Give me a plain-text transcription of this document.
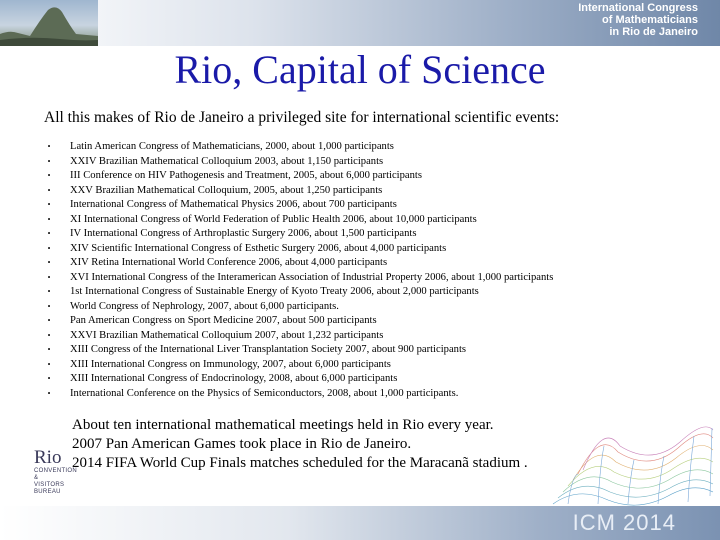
International Congress
of Mathematicians
in Rio de Janeiro
Rio, Capital of Science
All this makes of Rio de Janeiro a privileged site for international scientific events:
•	Latin American Congress of Mathematicians, 2000, about 1,000 participants
•	XXIV Brazilian Mathematical Colloquium 2003, about 1,150 participants
•	III Conference on HIV Pathogenesis and Treatment, 2005, about 6,000 participants
•	XXV Brazilian Mathematical Colloquium, 2005, about 1,250 participants
•	International Congress of Mathematical Physics 2006, about 700 participants
•	XI International Congress of World Federation of Public Health 2006, about 10,000 participants
•	IV International Congress of Arthroplastic Surgery 2006, about 1,500 participants
•	XIV Scientific International Congress of Esthetic Surgery 2006, about 4,000 participants
•	XIV Retina International World Conference 2006, about 4,000 participants
•	XVI International Congress of the Interamerican Association of Industrial Property 2006, about 1,000 participants
•	1st International Congress of Sustainable Energy of Kyoto Treaty 2006, about 2,000 participants
•	World Congress of Nephrology, 2007, about 6,000 participants.
•	Pan American Congress on Sport Medicine 2007, about 500 participants
•	XXVI Brazilian Mathematical Colloquium 2007, about 1,232 participants
•	XIII Congress of the International Liver Transplantation Society 2007, about 900 participants
•	XIII International Congress on Immunology, 2007, about 6,000 participants
•	XIII International Congress of Endocrinology, 2008, about 6,000 participants
•	International Conference on the Physics of Semiconductors, 2008, about 1,000 participants.
About ten international mathematical meetings held in Rio every year.
2007 Pan American Games took place in Rio de Janeiro.
2014 FIFA World Cup Finals matches scheduled for the Maracanã stadium .
Rio
CONVENTION
&
VISITORS
BUREAU
ICM 2014
